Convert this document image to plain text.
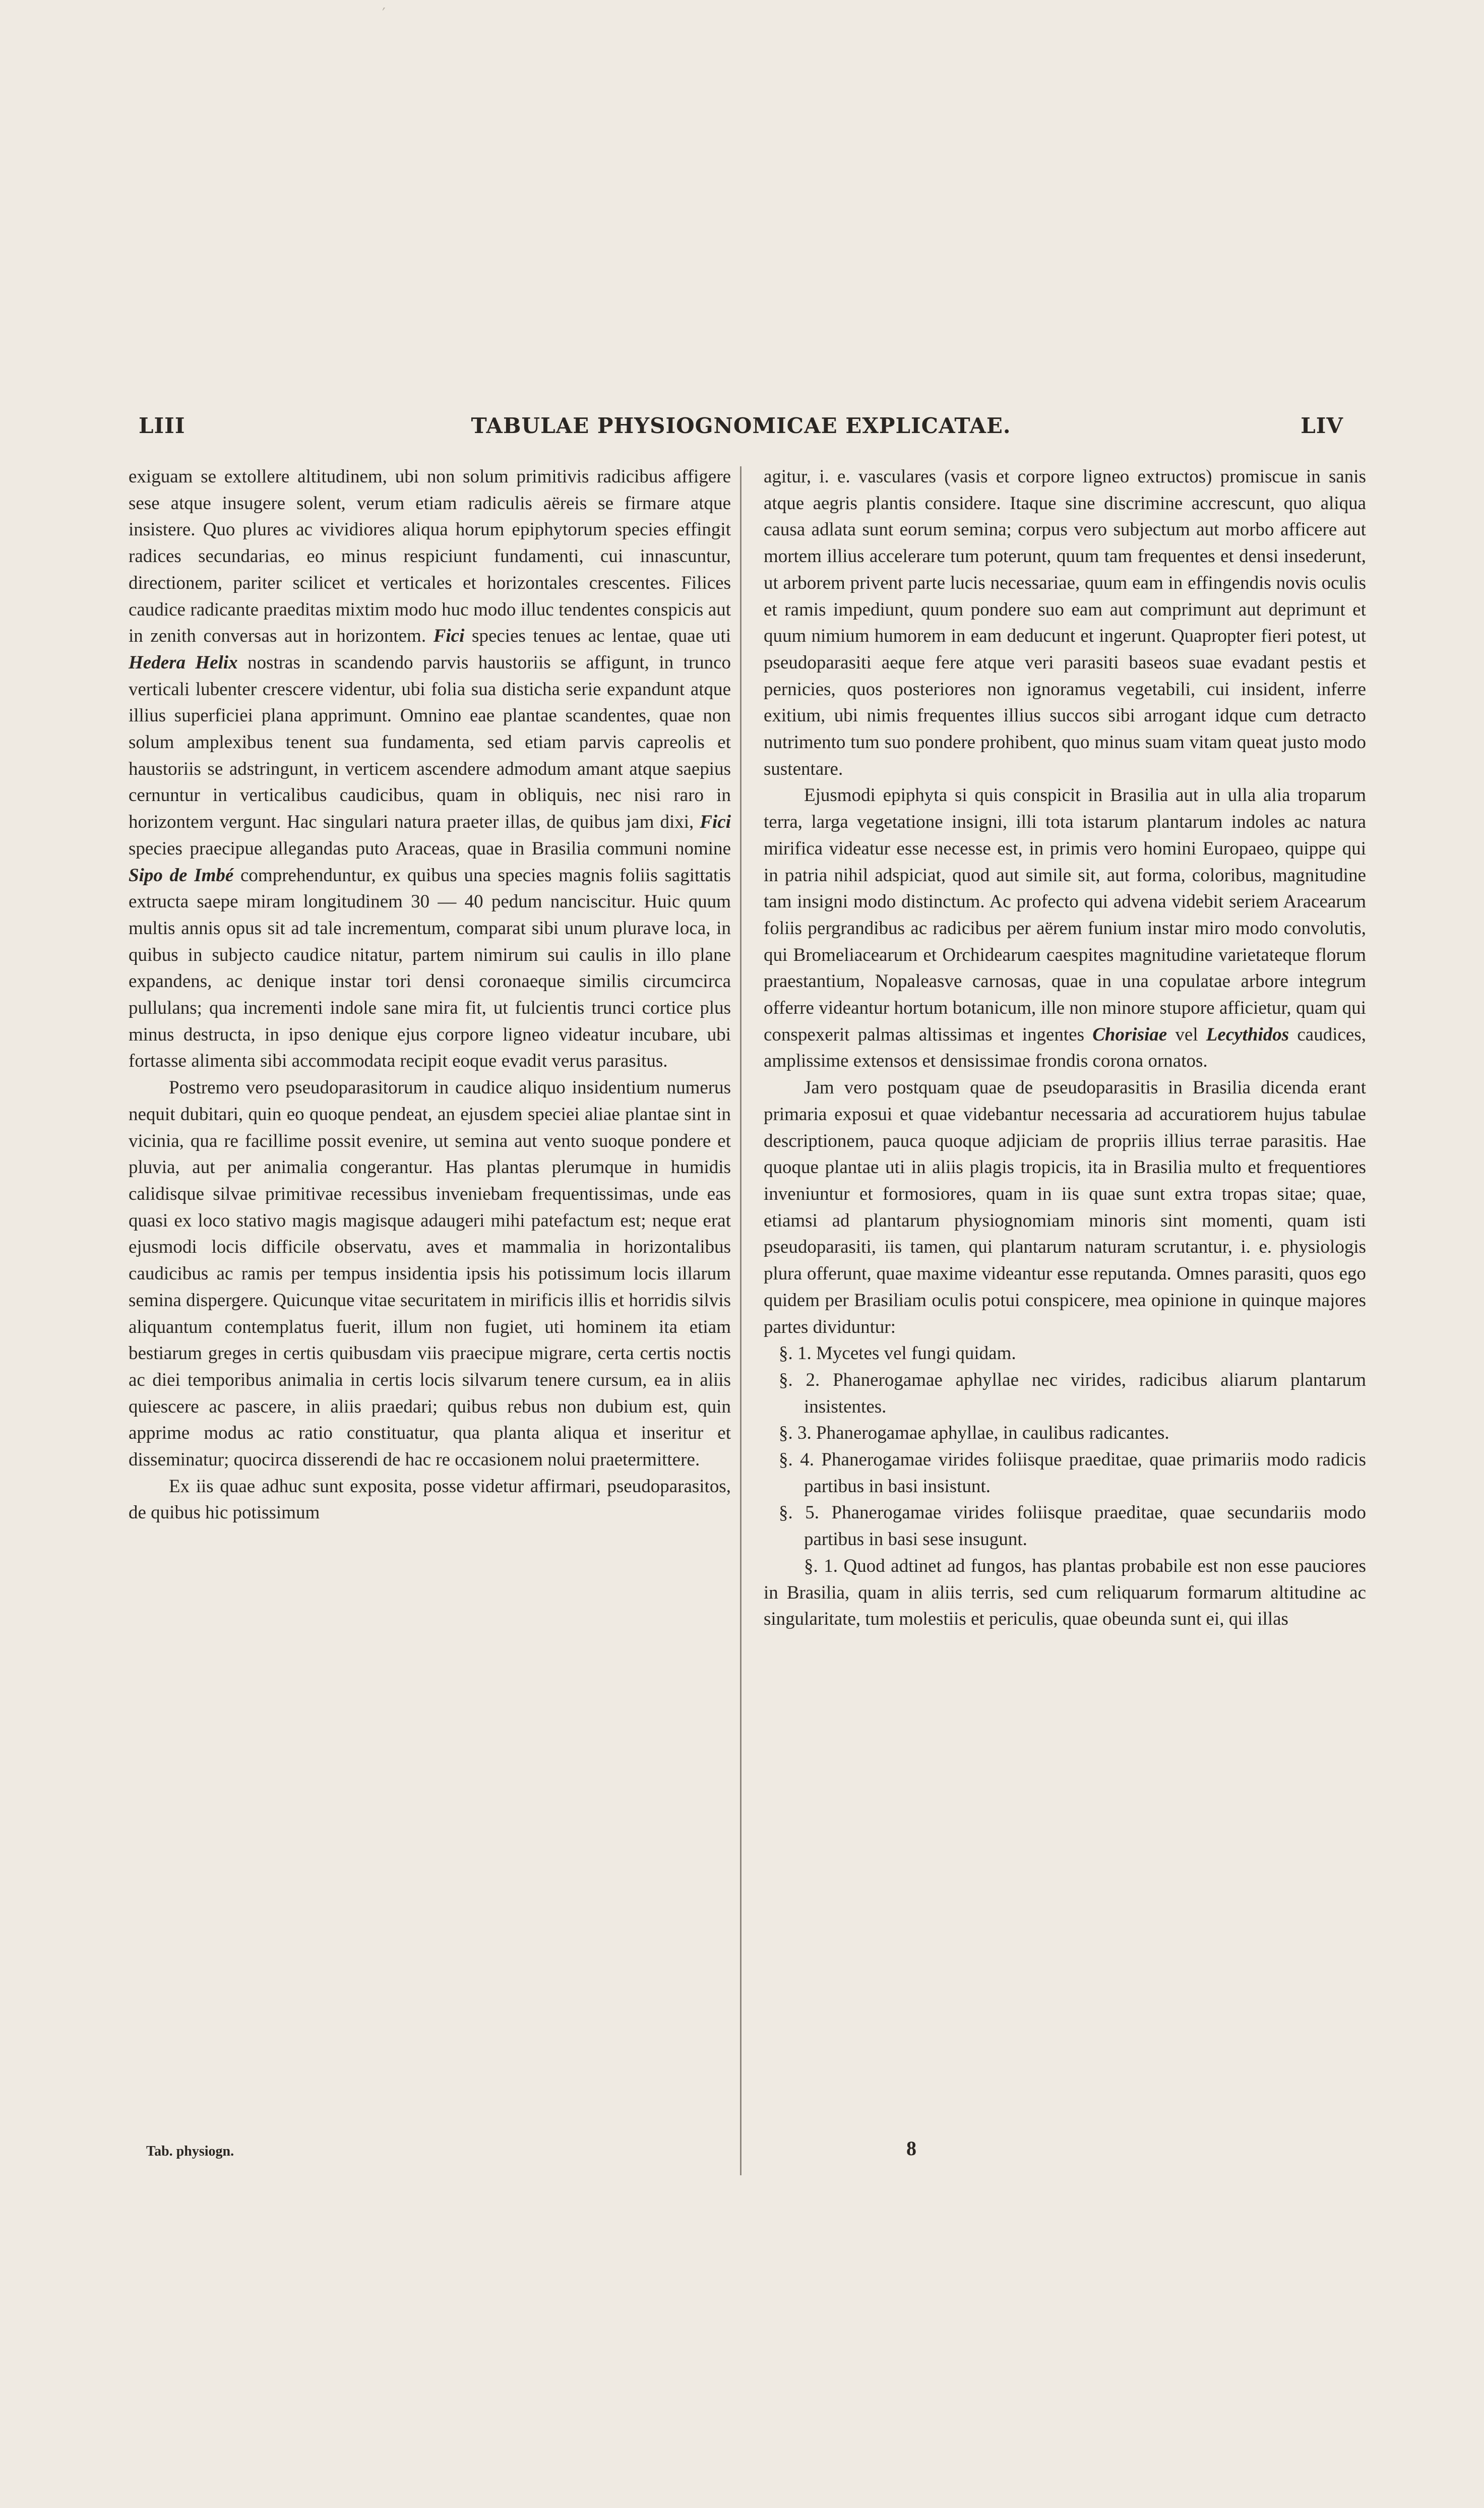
′
LIII	TABULAE PHYSIOGNOMICAE EXPLICATAE.	LIV

exiguam se extollere altitudinem, ubi non solum primitivis radicibus affigere sese atque insugere solent, verum etiam radiculis aëreis se firmare atque insistere. Quo plures ac vividiores aliqua horum epiphytorum species effingit radices secundarias, eo minus respiciunt fundamenti, cui innascuntur, directionem, pariter scilicet et verticales et horizontales crescentes. Filices caudice radicante praeditas mixtim modo huc modo illuc tendentes conspicis aut in zenith conversas aut in horizontem. Fici species tenues ac lentae, quae uti Hedera Helix nostras in scandendo parvis haustoriis se affigunt, in trunco verticali lubenter crescere videntur, ubi folia sua disticha serie expandunt atque illius superficiei plana apprimunt. Omnino eae plantae scandentes, quae non solum amplexibus tenent sua fundamenta, sed etiam parvis capreolis et haustoriis se adstringunt, in verticem ascendere admodum amant atque saepius cernuntur in verticalibus caudicibus, quam in obliquis, nec nisi raro in horizontem vergunt. Hac singulari natura praeter illas, de quibus jam dixi, Fici species praecipue allegandas puto Araceas, quae in Brasilia communi nomine Sipo de Imbé comprehenduntur, ex quibus una species magnis foliis sagittatis extructa saepe miram longitudinem 30 — 40 pedum nanciscitur. Huic quum multis annis opus sit ad tale incrementum, comparat sibi unum plurave loca, in quibus in subjecto caudice nitatur, partem nimirum sui caulis in illo plane expandens, ac denique instar tori densi coronaeque similis circumcirca pullulans; qua incrementi indole sane mira fit, ut fulcientis trunci cortice plus minus destructa, in ipso denique ejus corpore ligneo videatur incubare, ubi fortasse alimenta sibi accommodata recipit eoque evadit verus parasitus.

Postremo vero pseudoparasitorum in caudice aliquo insidentium numerus nequit dubitari, quin eo quoque pendeat, an ejusdem speciei aliae plantae sint in vicinia, qua re facillime possit evenire, ut semina aut vento suoque pondere et pluvia, aut per animalia congerantur. Has plantas plerumque in humidis calidisque silvae primitivae recessibus inveniebam frequentissimas, unde eas quasi ex loco stativo magis magisque adaugeri mihi patefactum est; neque erat ejusmodi locis difficile observatu, aves et mammalia in horizontalibus caudicibus ac ramis per tempus insidentia ipsis his potissimum locis illarum semina dispergere. Quicunque vitae securitatem in mirificis illis et horridis silvis aliquantum contemplatus fuerit, illum non fugiet, uti hominem ita etiam bestiarum greges in certis quibusdam viis praecipue migrare, certa certis noctis ac diei temporibus animalia in certis locis silvarum tenere cursum, ea in aliis quiescere ac pascere, in aliis praedari; quibus rebus non dubium est, quin apprime modus ac ratio constituatur, qua planta aliqua et inseritur et disseminatur; quocirca disserendi de hac re occasionem nolui praetermittere.

Ex iis quae adhuc sunt exposita, posse videtur affirmari, pseudoparasitos, de quibus hic potissimum

agitur, i. e. vasculares (vasis et corpore ligneo extructos) promiscue in sanis atque aegris plantis considere. Itaque sine discrimine accrescunt, quo aliqua causa adlata sunt eorum semina; corpus vero subjectum aut morbo afficere aut mortem illius accelerare tum poterunt, quum tam frequentes et densi insederunt, ut arborem privent parte lucis necessariae, quum eam in effingendis novis oculis et ramis impediunt, quum pondere suo eam aut comprimunt aut deprimunt et quum nimium humorem in eam deducunt et ingerunt. Quapropter fieri potest, ut pseudoparasiti aeque fere atque veri parasiti baseos suae evadant pestis et pernicies, quos posteriores non ignoramus vegetabili, cui insident, inferre exitium, ubi nimis frequentes illius succos sibi arrogant idque cum detracto nutrimento tum suo pondere prohibent, quo minus suam vitam queat justo modo sustentare.

Ejusmodi epiphyta si quis conspicit in Brasilia aut in ulla alia troparum terra, larga vegetatione insigni, illi tota istarum plantarum indoles ac natura mirifica videatur esse necesse est, in primis vero homini Europaeo, quippe qui in patria nihil adspiciat, quod aut simile sit, aut forma, coloribus, magnitudine tam insigni modo distinctum. Ac profecto qui advena videbit seriem Aracearum foliis pergrandibus ac radicibus per aërem funium instar miro modo convolutis, qui Bromeliacearum et Orchidearum caespites magnitudine varietateque florum praestantium, Nopaleasve carnosas, quae in una copulatae arbore integrum offerre videantur hortum botanicum, ille non minore stupore afficietur, quam qui conspexerit palmas altissimas et ingentes Chorisiae vel Lecythidos caudices, amplissime extensos et densissimae frondis corona ornatos.

Jam vero postquam quae de pseudoparasitis in Brasilia dicenda erant primaria exposui et quae videbantur necessaria ad accuratiorem hujus tabulae descriptionem, pauca quoque adjiciam de propriis illius terrae parasitis. Hae quoque plantae uti in aliis plagis tropicis, ita in Brasilia multo et frequentiores inveniuntur et formosiores, quam in iis quae sunt extra tropas sitae; quae, etiamsi ad plantarum physiognomiam minoris sint momenti, quam isti pseudoparasiti, iis tamen, qui plantarum naturam scrutantur, i. e. physiologis plura offerunt, quae maxime videantur esse reputanda. Omnes parasiti, quos ego quidem per Brasiliam oculis potui conspicere, mea opinione in quinque majores partes dividuntur:

§. 1. Mycetes vel fungi quidam.

§. 2. Phanerogamae aphyllae nec virides, radicibus aliarum plantarum insistentes.

§. 3. Phanerogamae aphyllae, in caulibus radicantes.

§. 4. Phanerogamae virides foliisque praeditae, quae primariis modo radicis partibus in basi insistunt.

§. 5. Phanerogamae virides foliisque praeditae, quae secundariis modo partibus in basi sese insugunt.

§. 1. Quod adtinet ad fungos, has plantas probabile est non esse pauciores in Brasilia, quam in aliis terris, sed cum reliquarum formarum altitudine ac singularitate, tum molestiis et periculis, quae obeunda sunt ei, qui illas

Tab. physiogn.	8
